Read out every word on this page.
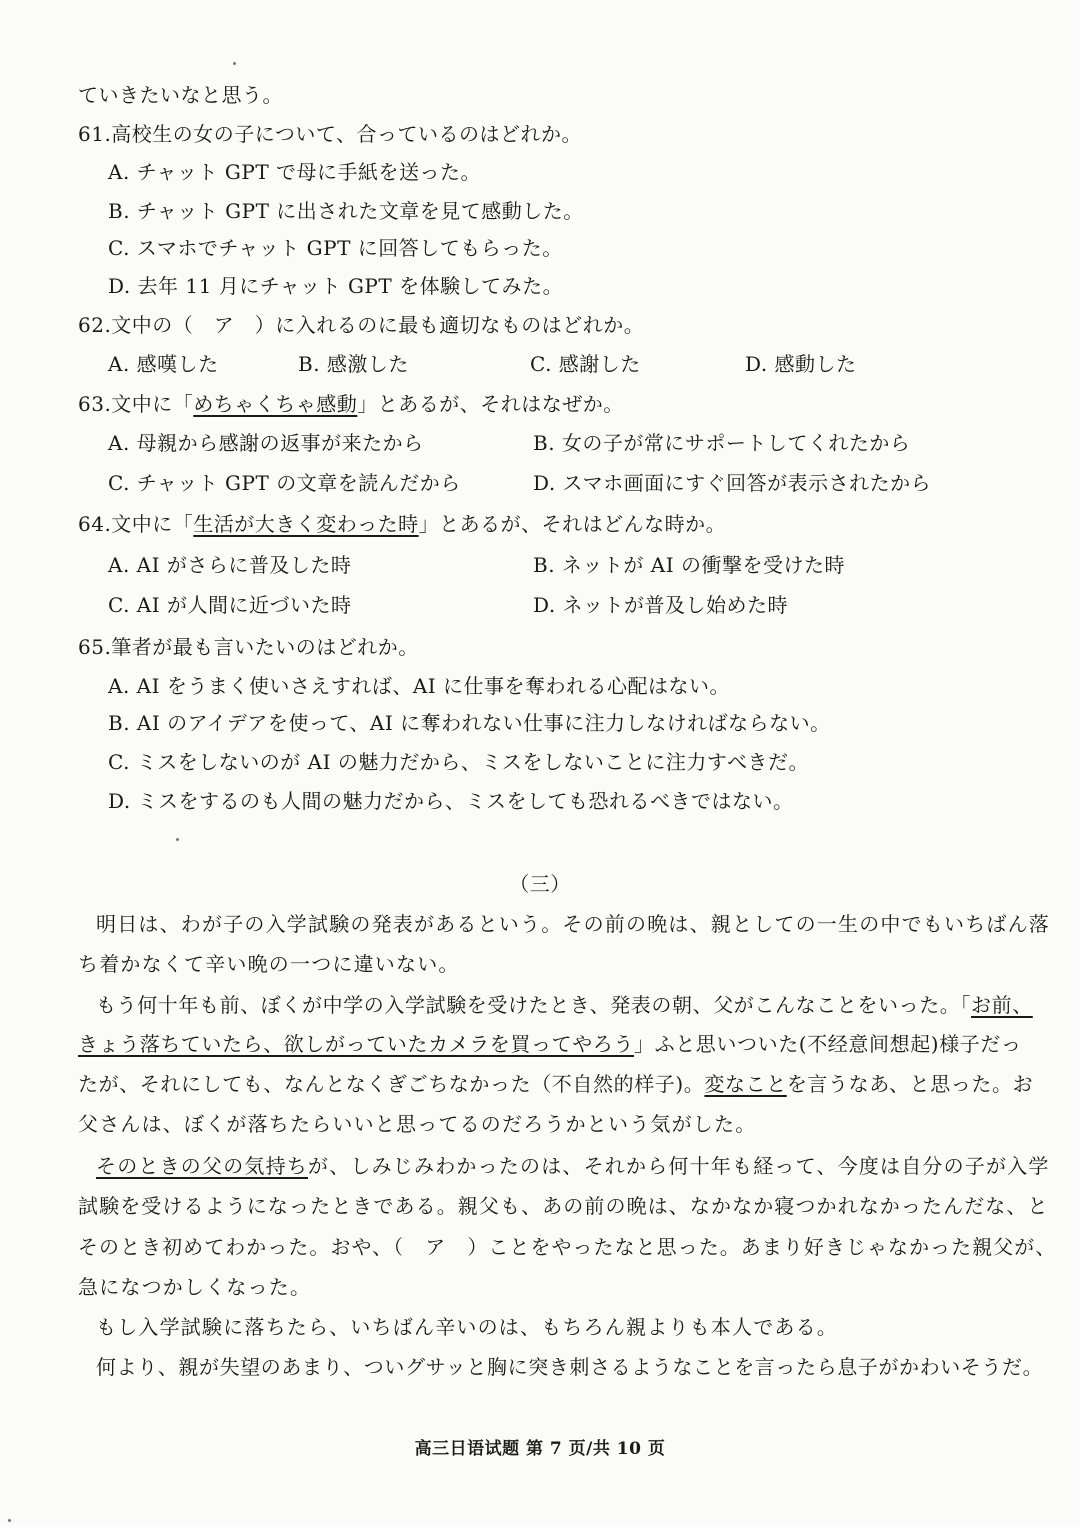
ていきたいなと思う。
61.高校生の女の子について、合っているのはどれか。
A. チャット GPT で母に手紙を送った。
B. チャット GPT に出された文章を見て感動した。
C. スマホでチャット GPT に回答してもらった。
D. 去年 11 月にチャット GPT を体験してみた。
62.文中の（　ア　）に入れるのに最も適切なものはどれか。
A. 感嘆した	B. 感激した	C. 感謝した	D. 感動した
63.文中に「めちゃくちゃ感動」とあるが、それはなぜか。
A. 母親から感謝の返事が来たから	B. 女の子が常にサポートしてくれたから
C. チャット GPT の文章を読んだから	D. スマホ画面にすぐ回答が表示されたから
64.文中に「生活が大きく変わった時」とあるが、それはどんな時か。
A. AI がさらに普及した時	B. ネットが AI の衝撃を受けた時
C. AI が人間に近づいた時	D. ネットが普及し始めた時
65.筆者が最も言いたいのはどれか。
A. AI をうまく使いさえすれば、AI に仕事を奪われる心配はない。
B. AI のアイデアを使って、AI に奪われない仕事に注力しなければならない。
C. ミスをしないのが AI の魅力だから、ミスをしないことに注力すべきだ。
D. ミスをするのも人間の魅力だから、ミスをしても恐れるべきではない。
（三）
明日は、わが子の入学試験の発表があるという。その前の晩は、親としての一生の中でもいちばん落
ち着かなくて辛い晩の一つに違いない。
もう何十年も前、ぼくが中学の入学試験を受けたとき、発表の朝、父がこんなことをいった。「お前、
きょう落ちていたら、欲しがっていたカメラを買ってやろう」ふと思いついた(不经意间想起)様子だっ
たが、それにしても、なんとなくぎごちなかった（不自然的样子)。変なことを言うなあ、と思った。お
父さんは、ぼくが落ちたらいいと思ってるのだろうかという気がした。
そのときの父の気持ちが、しみじみわかったのは、それから何十年も経って、今度は自分の子が入学
試験を受けるようになったときである。親父も、あの前の晩は、なかなか寝つかれなかったんだな、と
そのとき初めてわかった。おや、（　ア　）ことをやったなと思った。あまり好きじゃなかった親父が、
急になつかしくなった。
もし入学試験に落ちたら、いちばん辛いのは、もちろん親よりも本人である。
何より、親が失望のあまり、ついグサッと胸に突き刺さるようなことを言ったら息子がかわいそうだ。
高三日语试题 第 7 页/共 10 页
